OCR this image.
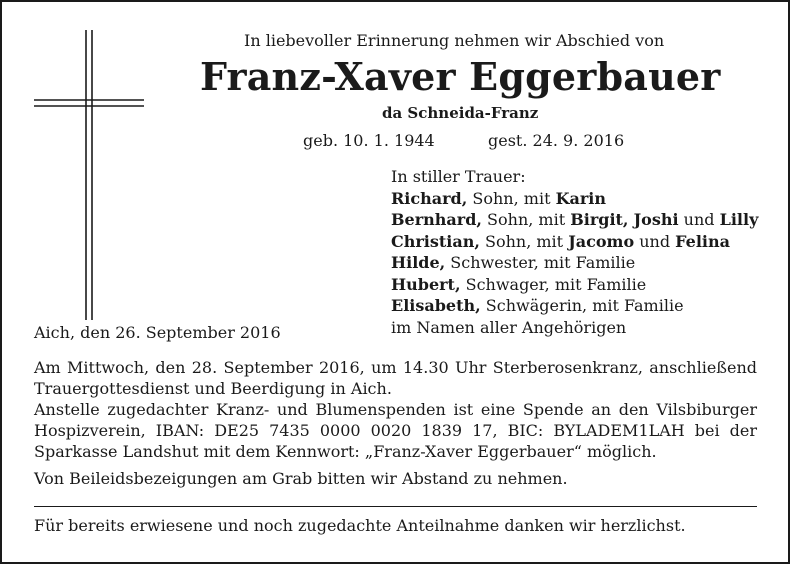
In liebevoller Erinnerung nehmen wir Abschied von
Franz-Xaver Eggerbauer
da Schneida-Franz
geb. 10. 1. 1944	gest. 24. 9. 2016
In stiller Trauer:
Richard, Sohn, mit Karin
Bernhard, Sohn, mit Birgit, Joshi und Lilly
Christian, Sohn, mit Jacomo und Felina
Hilde, Schwester, mit Familie
Hubert, Schwager, mit Familie
Elisabeth, Schwägerin, mit Familie
im Namen aller Angehörigen
Aich, den 26. September 2016

Am Mittwoch, den 28. September 2016, um 14.30 Uhr Sterberosenkranz, anschließend Trauergottesdienst und Beerdigung in Aich.

Anstelle zugedachter Kranz- und Blumenspenden ist eine Spende an den Vilsbiburger Hospizverein, IBAN: DE25 7435 0000 0020 1839 17, BIC: BYLADEM1LAH bei der Sparkasse Landshut mit dem Kennwort: „Franz-Xaver Eggerbauer“ möglich.

Von Beileidsbezeigungen am Grab bitten wir Abstand zu nehmen.

Für bereits erwiesene und noch zugedachte Anteilnahme danken wir herzlichst.
